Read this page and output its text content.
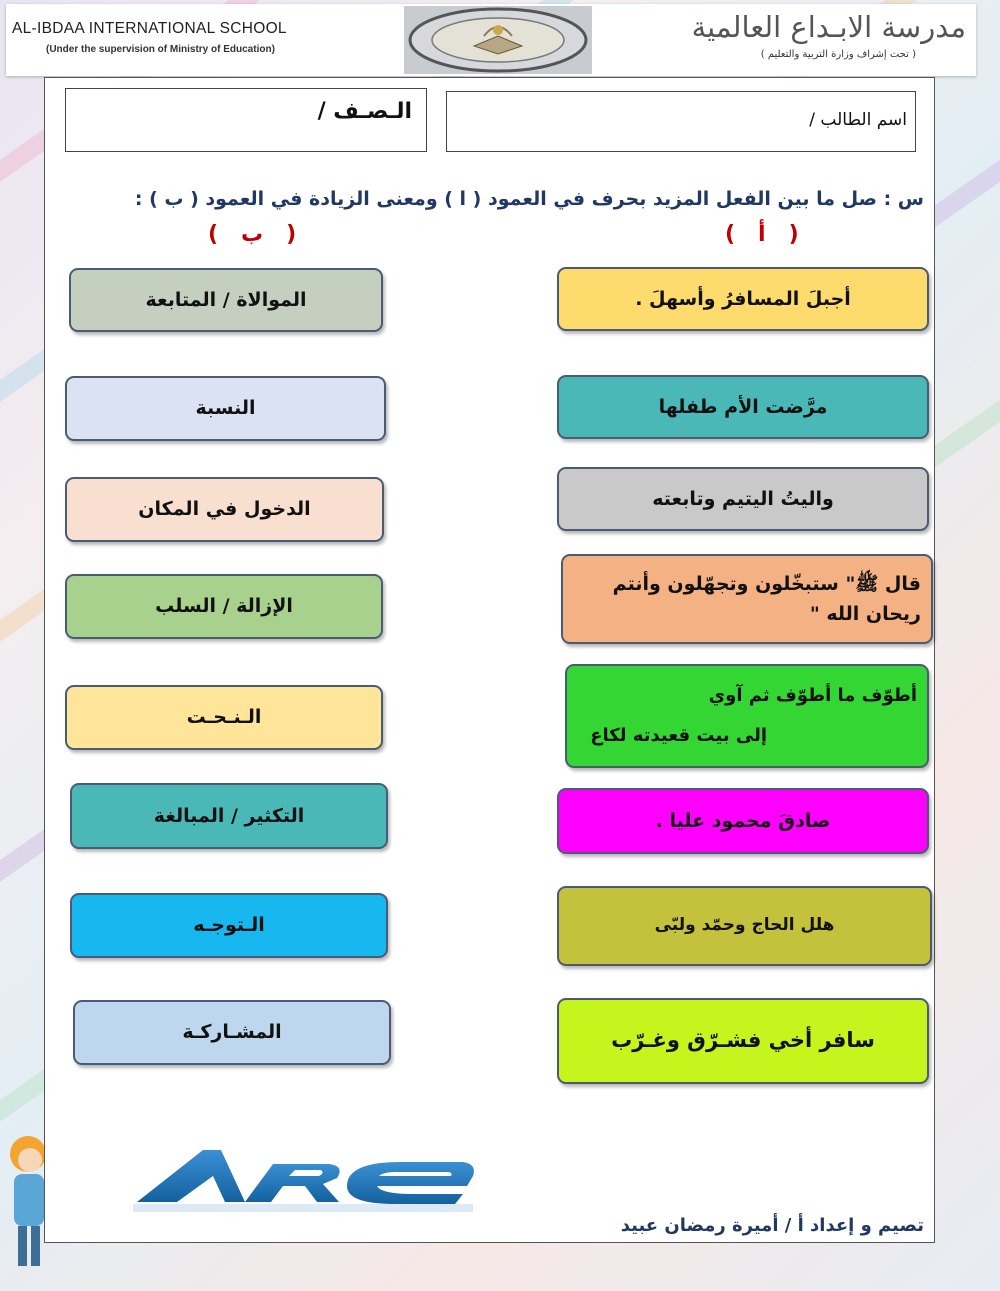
AL-IBDAA INTERNATIONAL SCHOOL
(Under the supervision of Ministry of Education)
مدرسة الابـداع العالمية
( تحت إشراف وزارة التربية والتعليم )
الـصـف /	اسم الطالب /
س : صل ما بين الفعل المزيد بحرف في العمود ( ا ) ومعنى الزيادة في العمود ( ب ) :
(   أ   )
(   ب   )
أجبلَ المسافرُ وأسهلَ .
مرَّضت الأم طفلها
واليتُ اليتيم وتابعته
قال ﷺ" ستبخّلون وتجهّلون وأنتم
ريحان الله "
أطوّف ما أطوّف ثم آوي
إلى بيت قعيدته لكاع
صادقَ محمود عليا .
هلل الحاج وحمّد ولبّى
سافر أخي فشـرّق وغـرّب
الموالاة / المتابعة
النسبة
الدخول في المكان
الإزالة / السلب
الـنـحـت
التكثير / المبالغة
الـتوجـه
المشـاركـة
تصيم و إعداد أ / أميرة رمضان عبيد
